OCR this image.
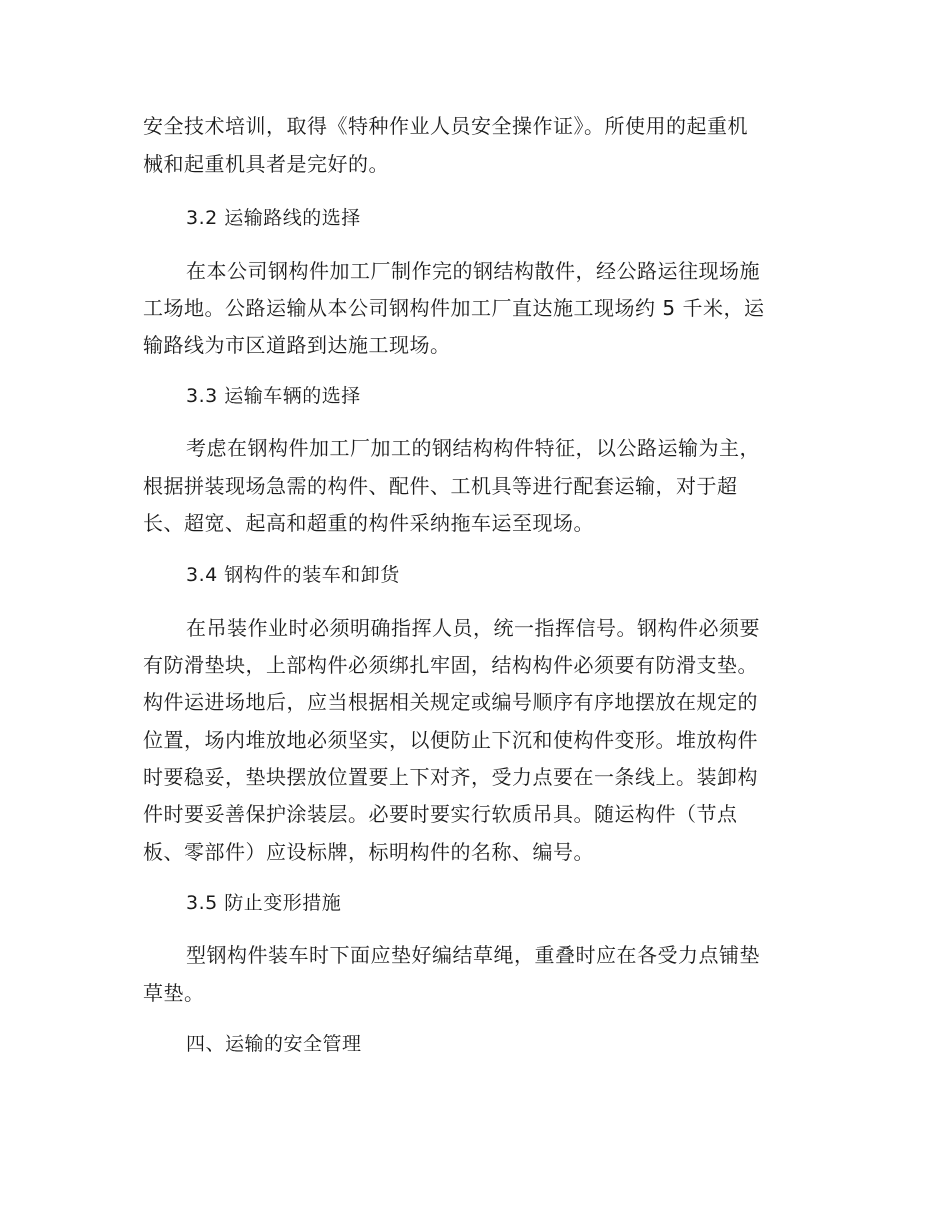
安全技术培训，取得《特种作业人员安全操作证》。所使用的起重机
械和起重机具者是完好的。
3.2 运输路线的选择
在本公司钢构件加工厂制作完的钢结构散件，经公路运往现场施
工场地。公路运输从本公司钢构件加工厂直达施工现场约 5 千米，运
输路线为市区道路到达施工现场。
3.3 运输车辆的选择
考虑在钢构件加工厂加工的钢结构构件特征，以公路运输为主，
根据拼装现场急需的构件、配件、工机具等进行配套运输，对于超
长、超宽、起高和超重的构件采纳拖车运至现场。
3.4 钢构件的装车和卸货
在吊装作业时必须明确指挥人员，统一指挥信号。钢构件必须要
有防滑垫块，上部构件必须绑扎牢固，结构构件必须要有防滑支垫。
构件运进场地后，应当根据相关规定或编号顺序有序地摆放在规定的
位置，场内堆放地必须坚实，以便防止下沉和使构件变形。堆放构件
时要稳妥，垫块摆放位置要上下对齐，受力点要在一条线上。装卸构
件时要妥善保护涂装层。必要时要实行软质吊具。随运构件（节点
板、零部件）应设标牌，标明构件的名称、编号。
3.5 防止变形措施
型钢构件装车时下面应垫好编结草绳，重叠时应在各受力点铺垫
草垫。
四、运输的安全管理
